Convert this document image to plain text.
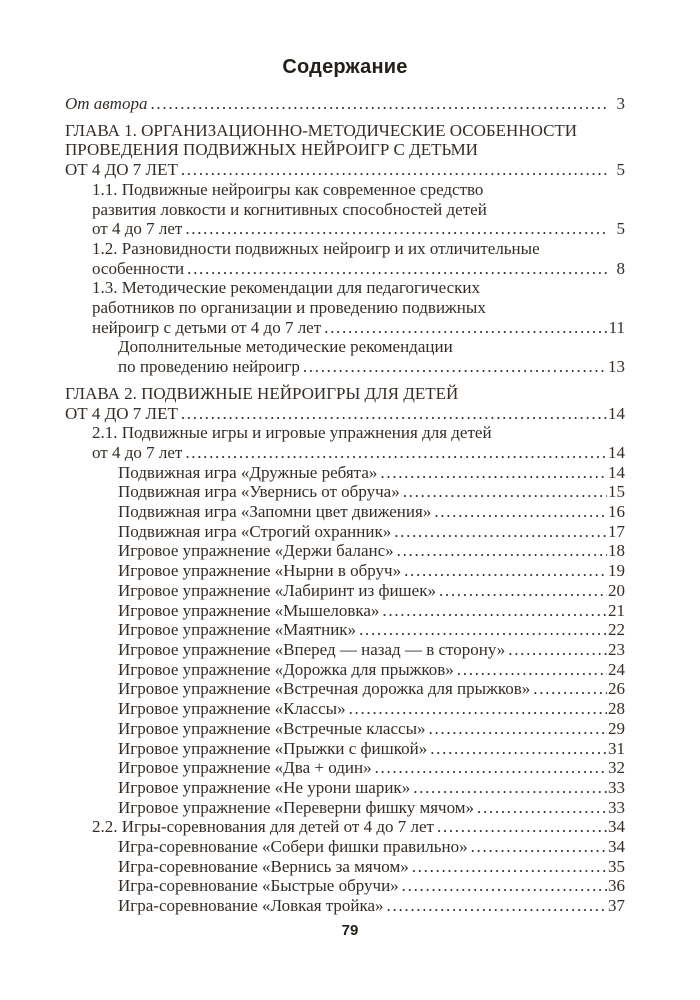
Содержание
От автора .....	3
ГЛАВА 1. ОРГАНИЗАЦИОННО-МЕТОДИЧЕСКИЕ ОСОБЕННОСТИ
ПРОВЕДЕНИЯ ПОДВИЖНЫХ НЕЙРОИГР С ДЕТЬМИ
ОТ 4 ДО 7 ЛЕТ .....	5
1.1. Подвижные нейроигры как современное средство
развития ловкости и когнитивных способностей детей
от 4 до 7 лет .....	5
1.2. Разновидности подвижных нейроигр и их отличительные
особенности .....	8
1.3. Методические рекомендации для педагогических
работников по организации и проведению подвижных
нейроигр с детьми от 4 до 7 лет .....	11
Дополнительные методические рекомендации
по проведению нейроигр .....	13
ГЛАВА 2. ПОДВИЖНЫЕ НЕЙРОИГРЫ ДЛЯ ДЕТЕЙ
ОТ 4 ДО 7 ЛЕТ .....	14
2.1. Подвижные игры и игровые упражнения для детей
от 4 до 7 лет .....	14
Подвижная игра «Дружные ребята» .....	14
Подвижная игра «Увернись от обруча» .....	15
Подвижная игра «Запомни цвет движения» .....	16
Подвижная игра «Строгий охранник» .....	17
Игровое упражнение «Держи баланс» .....	18
Игровое упражнение «Нырни в обруч» .....	19
Игровое упражнение «Лабиринт из фишек» .....	20
Игровое упражнение «Мышеловка» .....	21
Игровое упражнение «Маятник» .....	22
Игровое упражнение «Вперед — назад — в сторону» .....	23
Игровое упражнение «Дорожка для прыжков» .....	24
Игровое упражнение «Встречная дорожка для прыжков» .....	26
Игровое упражнение «Классы» .....	28
Игровое упражнение «Встречные классы» .....	29
Игровое упражнение «Прыжки с фишкой» .....	31
Игровое упражнение «Два + один» .....	32
Игровое упражнение «Не урони шарик» .....	33
Игровое упражнение «Переверни фишку мячом» .....	33
2.2. Игры-соревнования для детей от 4 до 7 лет .....	34
Игра-соревнование «Собери фишки правильно» .....	34
Игра-соревнование «Вернись за мячом» .....	35
Игра-соревнование «Быстрые обручи» .....	36
Игра-соревнование «Ловкая тройка» .....	37
79
